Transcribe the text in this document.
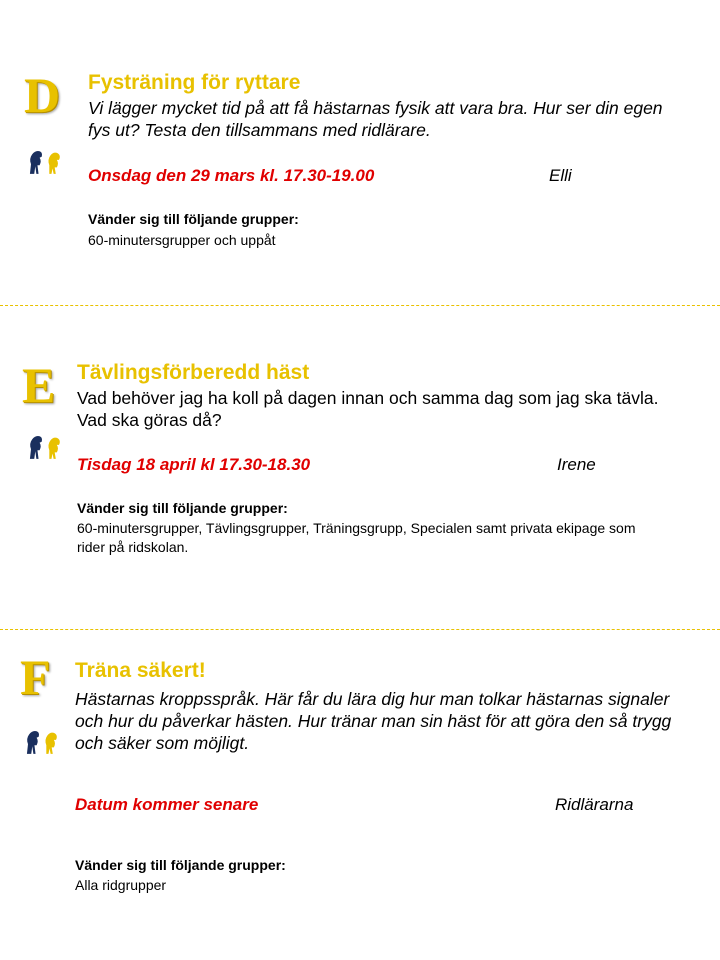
D Fysträning för ryttare
Vi lägger mycket tid på att få hästarnas fysik att vara bra. Hur ser din egen fys ut? Testa den tillsammans med ridlärare.
Onsdag den 29 mars kl. 17.30-19.00	Elli
Vänder sig till följande grupper:
60-minutersgrupper och uppåt
E Tävlingsförberedd häst
Vad behöver jag ha koll på dagen innan och samma dag som jag ska tävla. Vad ska göras då?
Tisdag 18 april kl 17.30-18.30	Irene
Vänder sig till följande grupper:
60-minutersgrupper, Tävlingsgrupper, Träningsgrupp, Specialen samt privata ekipage som rider på ridskolan.
F Träna säkert!
Hästarnas kroppsspråk. Här får du lära dig hur man tolkar hästarnas signaler och hur du påverkar hästen. Hur tränar man sin häst för att göra den så trygg och säker som möjligt.
Datum kommer senare	Ridlärarna
Vänder sig till följande grupper:
Alla ridgrupper
